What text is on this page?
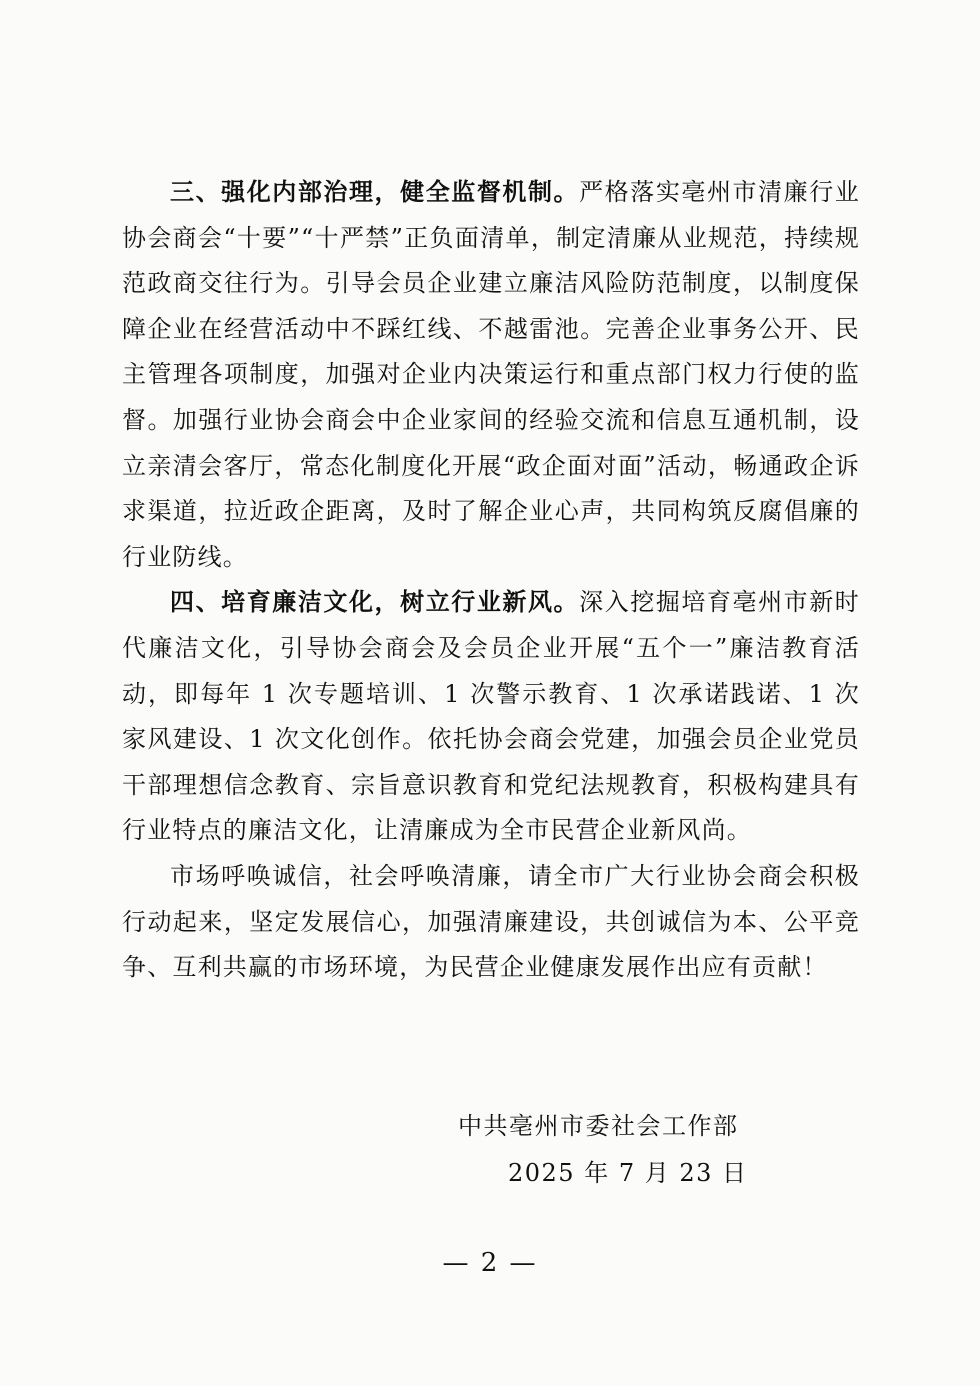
三、强化内部治理，健全监督机制。严格落实亳州市清廉行业协会商会“十要”“十严禁”正负面清单，制定清廉从业规范，持续规范政商交往行为。引导会员企业建立廉洁风险防范制度，以制度保障企业在经营活动中不踩红线、不越雷池。完善企业事务公开、民主管理各项制度，加强对企业内决策运行和重点部门权力行使的监督。加强行业协会商会中企业家间的经验交流和信息互通机制，设立亲清会客厅，常态化制度化开展“政企面对面”活动，畅通政企诉求渠道，拉近政企距离，及时了解企业心声，共同构筑反腐倡廉的行业防线。

四、培育廉洁文化，树立行业新风。深入挖掘培育亳州市新时代廉洁文化，引导协会商会及会员企业开展“五个一”廉洁教育活动，即每年 1 次专题培训、1 次警示教育、1 次承诺践诺、1 次家风建设、1 次文化创作。依托协会商会党建，加强会员企业党员干部理想信念教育、宗旨意识教育和党纪法规教育，积极构建具有行业特点的廉洁文化，让清廉成为全市民营企业新风尚。

市场呼唤诚信，社会呼唤清廉，请全市广大行业协会商会积极行动起来，坚定发展信心，加强清廉建设，共创诚信为本、公平竞争、互利共赢的市场环境，为民营企业健康发展作出应有贡献！

中共亳州市委社会工作部
2025 年 7 月 23 日
— 2 —
